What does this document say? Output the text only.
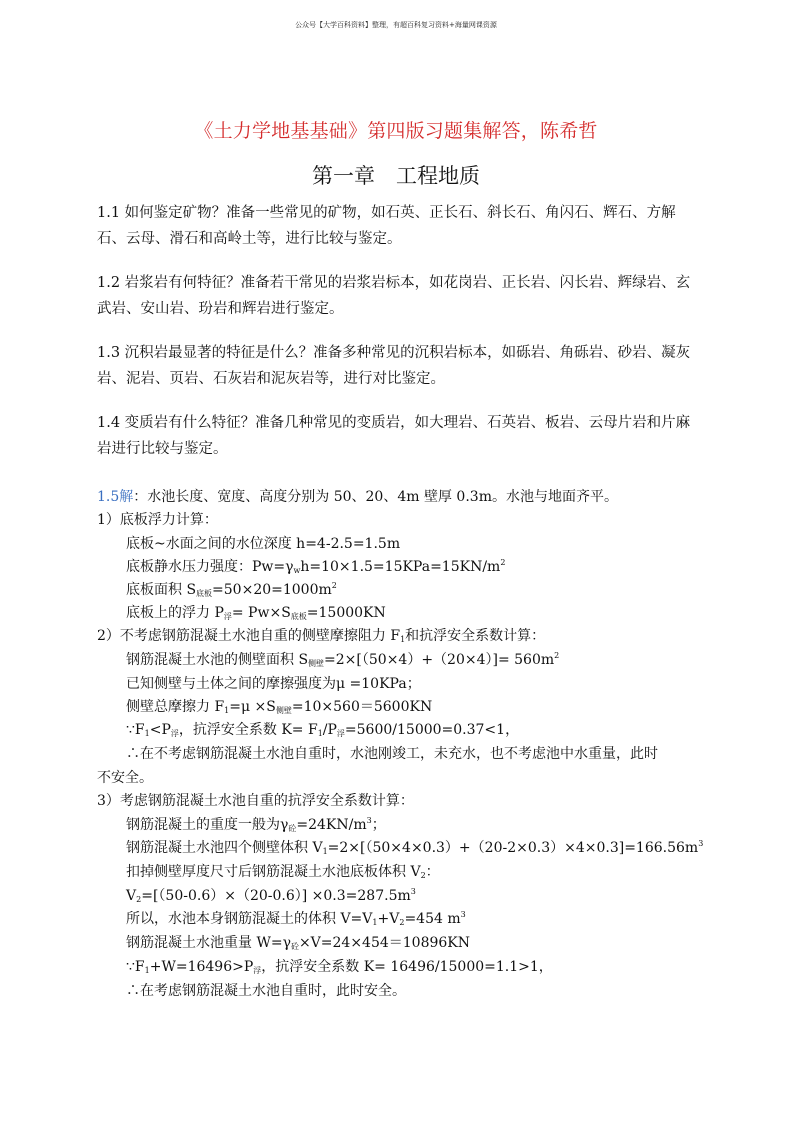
公众号【大学百科资料】整理，有超百科复习资料+海量网课资源
《土力学地基基础》第四版习题集解答，陈希哲
第一章　工程地质
1.1 如何鉴定矿物？准备一些常见的矿物，如石英、正长石、斜长石、角闪石、辉石、方解石、云母、滑石和高岭土等，进行比较与鉴定。
1.2 岩浆岩有何特征？准备若干常见的岩浆岩标本，如花岗岩、正长岩、闪长岩、辉绿岩、玄武岩、安山岩、玢岩和辉岩进行鉴定。
1.3 沉积岩最显著的特征是什么？准备多种常见的沉积岩标本，如砾岩、角砾岩、砂岩、凝灰岩、泥岩、页岩、石灰岩和泥灰岩等，进行对比鉴定。
1.4 变质岩有什么特征？准备几种常见的变质岩，如大理岩、石英岩、板岩、云母片岩和片麻岩进行比较与鉴定。
1.5解：水池长度、宽度、高度分别为 50、20、4m 壁厚 0.3m。水池与地面齐平。
1）底板浮力计算：
底板~水面之间的水位深度 h=4-2.5=1.5m
底板静水压力强度：$Pw=\gamma_wh=10\times 1.5=15KPa=15KN/m^2$
底板面积 $S_{底板}=50\times 20=1000m^2$
底板上的浮力 $P_浮= Pw\times S_{底板}=15000KN$
2）不考虑钢筋混凝土水池自重的侧壁摩擦阻力 $F_1$和抗浮安全系数计算：
钢筋混凝土水池的侧壁面积 $S_{侧壁}=2\times[(50\times 4)+(20\times 4)]= 560m^2$
已知侧壁与土体之间的摩擦强度为μ =10KPa；
侧壁总摩擦力 $F_1=\mu \times S_{侧壁}=10\times 560=5600KN$
$\because F_1<P_浮$，抗浮安全系数 $K= F_1/P_浮=5600/15000=0.37<1$，
∴在不考虑钢筋混凝土水池自重时，水池刚竣工，未充水，也不考虑池中水重量，此时
不安全。
3）考虑钢筋混凝土水池自重的抗浮安全系数计算：
钢筋混凝土的重度一般为$\gamma_砼=24KN/m^3$；
钢筋混凝土水池四个侧壁体积 $V_1=2\times[(50\times 4\times 0.3)+(20-2\times 0.3)\times 4\times 0.3]=166.56m^3$
扣掉侧壁厚度尺寸后钢筋混凝土水池底板体积 $V_2$：
$V_2=[(50-0.6)\times(20-0.6)] \times 0.3=287.5m^3$
所以，水池本身钢筋混凝土的体积 $V=V_1+V_2=454$ $m^3$
钢筋混凝土水池重量 $W=\gamma_砼\times V=24\times 454=10896KN$
$\because F_1+W=16496>P_浮$，抗浮安全系数 K= 16496/15000=1.1>1，
∴在考虑钢筋混凝土水池自重时，此时安全。
